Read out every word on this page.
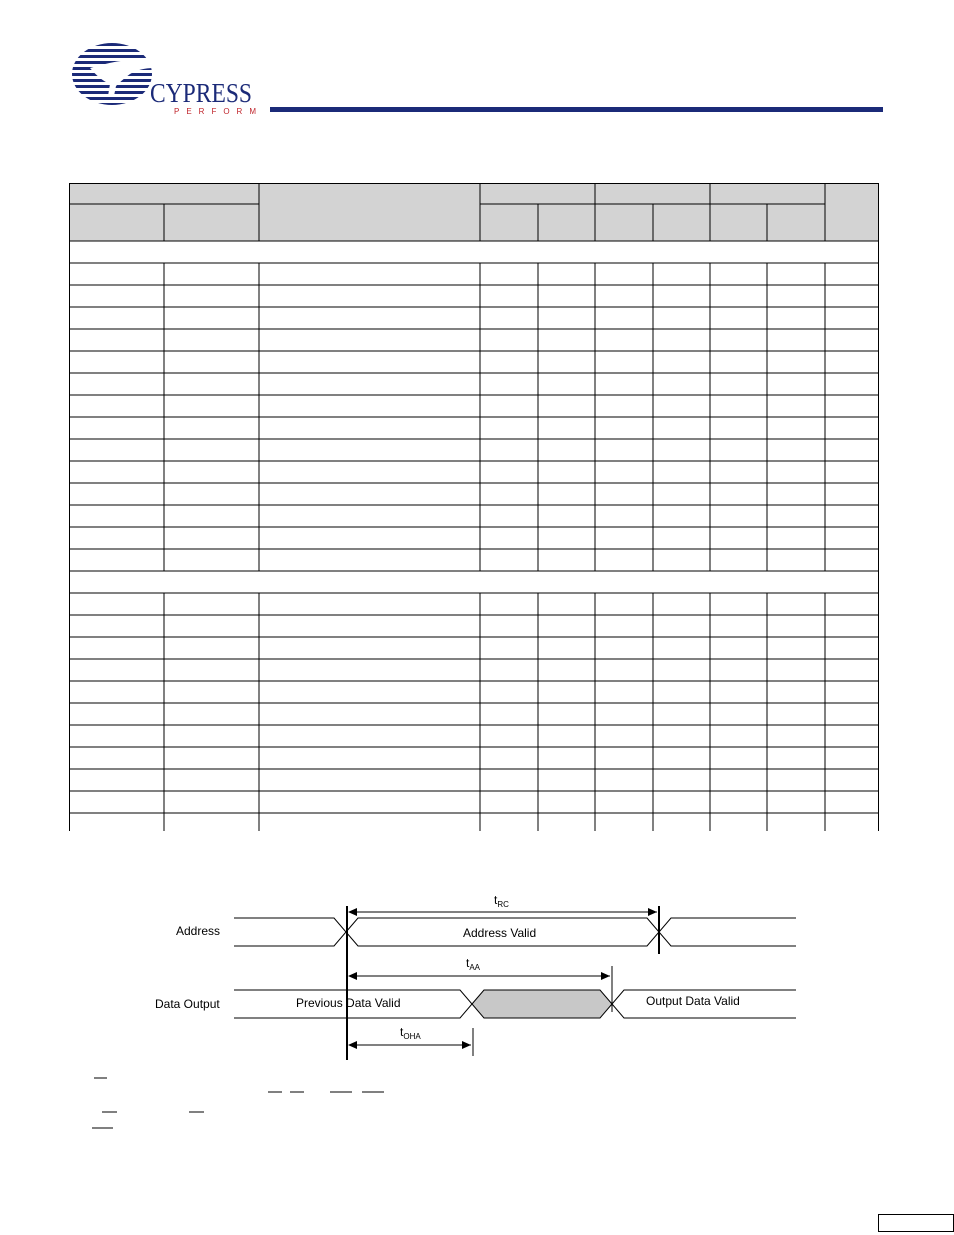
CYPRESS
PERFORM
Address
Data Output
Address Valid
Previous Data Valid	Output Data Valid
$t_{RC}$
$t_{AA}$
$t_{OHA}$
